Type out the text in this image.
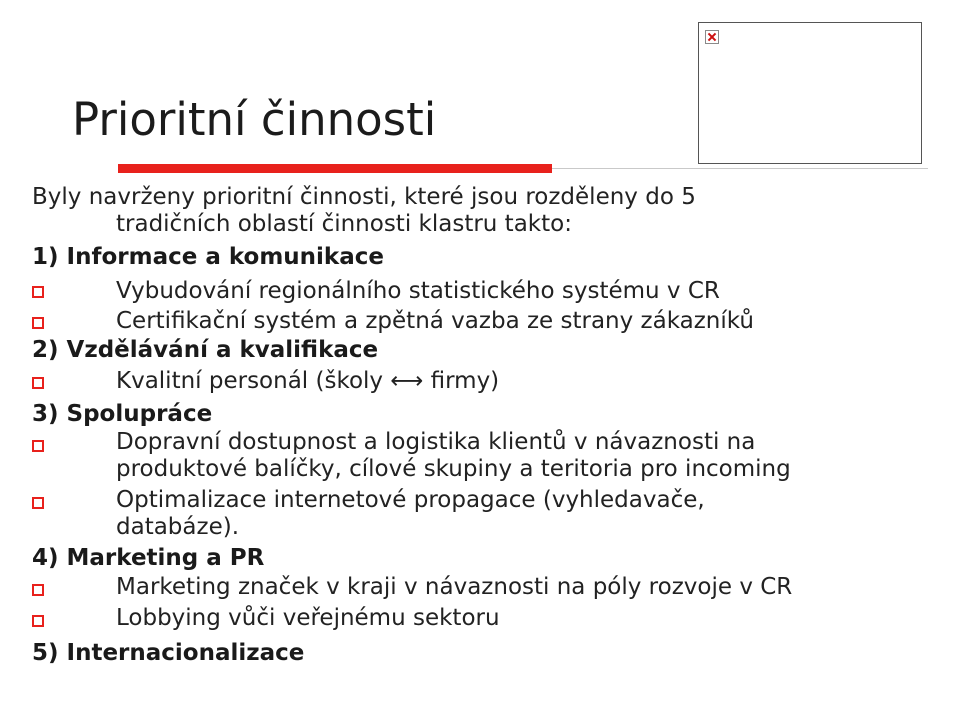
Prioritní činnosti
Byly navrženy prioritní činnosti, které jsou rozděleny do 5
tradičních oblastí činnosti klastru takto:
1) Informace a komunikace
Vybudování regionálního statistického systému v CR
Certifikační systém a zpětná vazba ze strany zákazníků
2) Vzdělávání a kvalifikace
Kvalitní personál (školy ⟷ firmy)
3) Spolupráce
Dopravní dostupnost a logistika klientů v návaznosti na
produktové balíčky, cílové skupiny a teritoria pro incoming
Optimalizace internetové propagace (vyhledavače,
databáze).
4) Marketing a PR
Marketing značek v kraji v návaznosti na póly rozvoje v CR
Lobbying vůči veřejnému sektoru
5) Internacionalizace
